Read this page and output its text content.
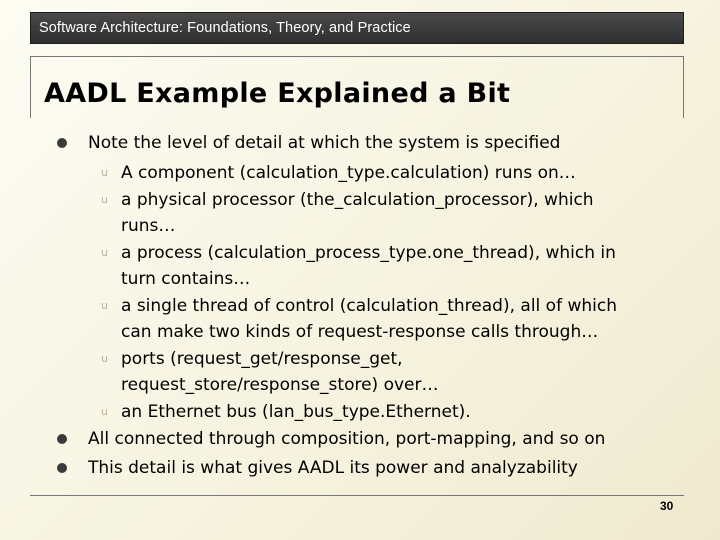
Software Architecture: Foundations, Theory, and Practice
AADL Example Explained a Bit
Note the level of detail at which the system is specified
u A component (calculation_type.calculation) runs on…
u a physical processor (the_calculation_processor), which
runs…
u a process (calculation_process_type.one_thread), which in
turn contains…
u a single thread of control (calculation_thread), all of which
can make two kinds of request-response calls through…
u ports (request_get/response_get,
request_store/response_store) over…
u an Ethernet bus (lan_bus_type.Ethernet).
All connected through composition, port-mapping, and so on
This detail is what gives AADL its power and analyzability
30
